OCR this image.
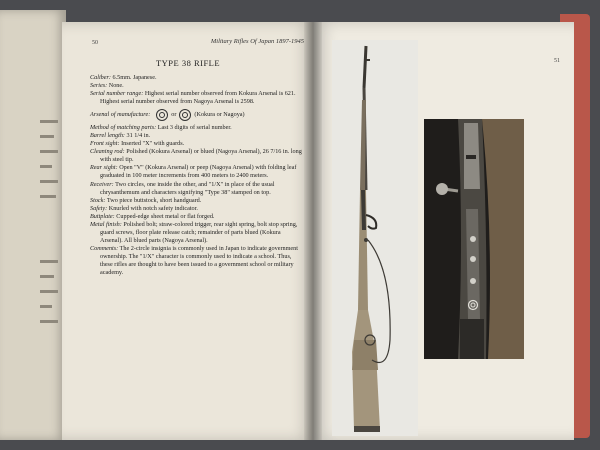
50	Military Rifles Of Japan 1897-1945
TYPE 38 RIFLE

Caliber: 6.5mm. Japanese.

Series: None.

Serial number range: Highest serial number observed from Kokura Arsenal is 621. Highest serial number observed from Nagoya Arsenal is 2598.

Arsenal of manufacture:	or	(Kokura or Nagoya)

Method of matching parts: Last 3 digits of serial number.

Barrel length: 31 1/4 in.

Front sight: Inserted "X" with guards.

Cleaning rod: Polished (Kokura Arsenal) or blued (Nagoya Arsenal), 26 7/16 in. long with steel tip.

Rear sight: Open "V" (Kokura Arsenal) or peep (Nagoya Arsenal) with folding leaf graduated in 100 meter increments from 400 meters to 2400 meters.

Receiver: Two circles, one inside the other, and "1/X" in place of the usual chrysanthemum and characters signifying "Type 38" stamped on top.

Stock: Two piece buttstock, short handguard.

Safety: Knurled with notch safety indicator.

Buttplate: Cupped-edge sheet metal or flat forged.

Metal finish: Polished bolt; straw-colored trigger, rear sight spring, bolt stop spring, guard screws, floor plate release catch; remainder of parts blued (Kokura Arsenal). All blued parts (Nagoya Arsenal).

Comments: The 2-circle insignia is commonly used in Japan to indicate government ownership. The "1/X" character is commonly used to indicate a school. Thus, these rifles are thought to have been issued to a government school or military academy.

51
